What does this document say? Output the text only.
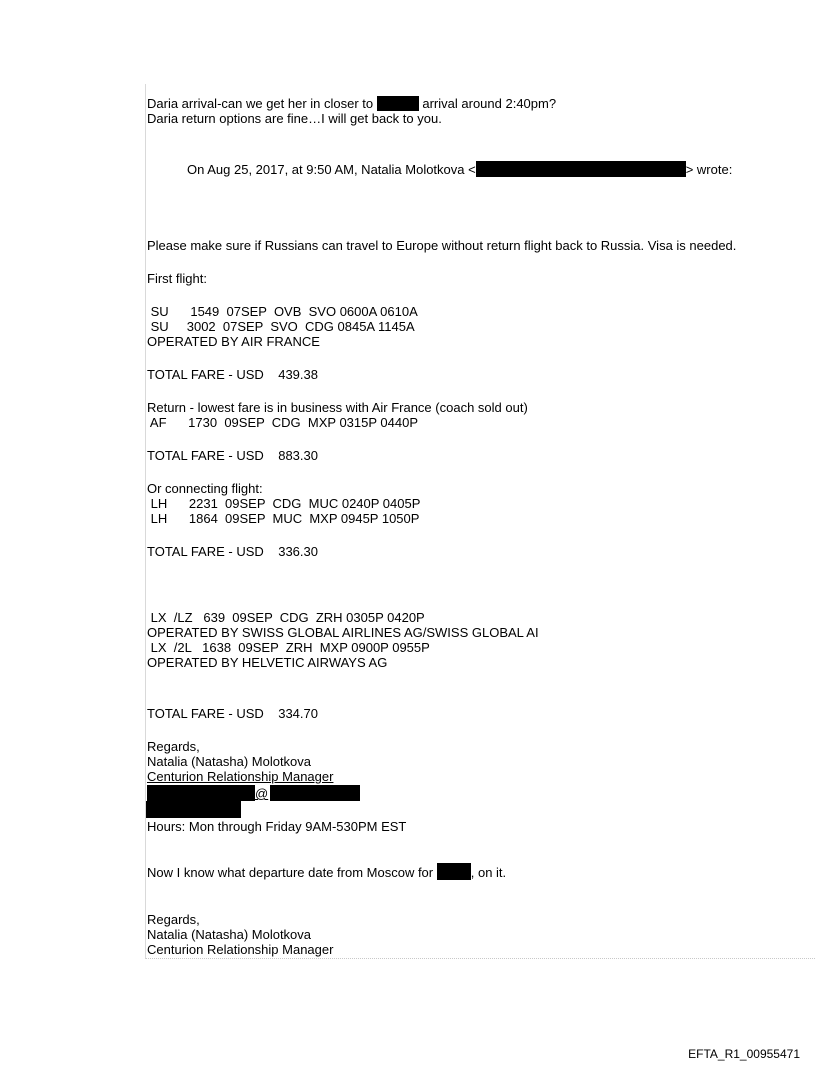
Daria arrival-can we get her in closer to	arrival around 2:40pm?
Daria return options are fine…I will get back to you.
On Aug 25, 2017, at 9:50 AM, Natalia Molotkova <	> wrote:
Please make sure if Russians can travel to Europe without return flight back to Russia. Visa is needed.
First flight:
SU      1549  07SEP  OVB  SVO 0600A 0610A
SU     3002  07SEP  SVO  CDG 0845A 1145A
OPERATED BY AIR FRANCE
TOTAL FARE - USD    439.38
Return - lowest fare is in business with Air France (coach sold out)
AF      1730  09SEP  CDG  MXP 0315P 0440P
TOTAL FARE - USD    883.30
Or connecting flight:
LH      2231  09SEP  CDG  MUC 0240P 0405P
LH      1864  09SEP  MUC  MXP 0945P 1050P
TOTAL FARE - USD    336.30
LX  /LZ   639  09SEP  CDG  ZRH 0305P 0420P
OPERATED BY SWISS GLOBAL AIRLINES AG/SWISS GLOBAL AI
LX  /2L   1638  09SEP  ZRH  MXP 0900P 0955P
OPERATED BY HELVETIC AIRWAYS AG
TOTAL FARE - USD    334.70
Regards,
Natalia (Natasha) Molotkova
Centurion Relationship Manager
@
Hours: Mon through Friday 9AM-530PM EST
Now I know what departure date from Moscow for	, on it.
Regards,
Natalia (Natasha) Molotkova
Centurion Relationship Manager
EFTA_R1_00955471
